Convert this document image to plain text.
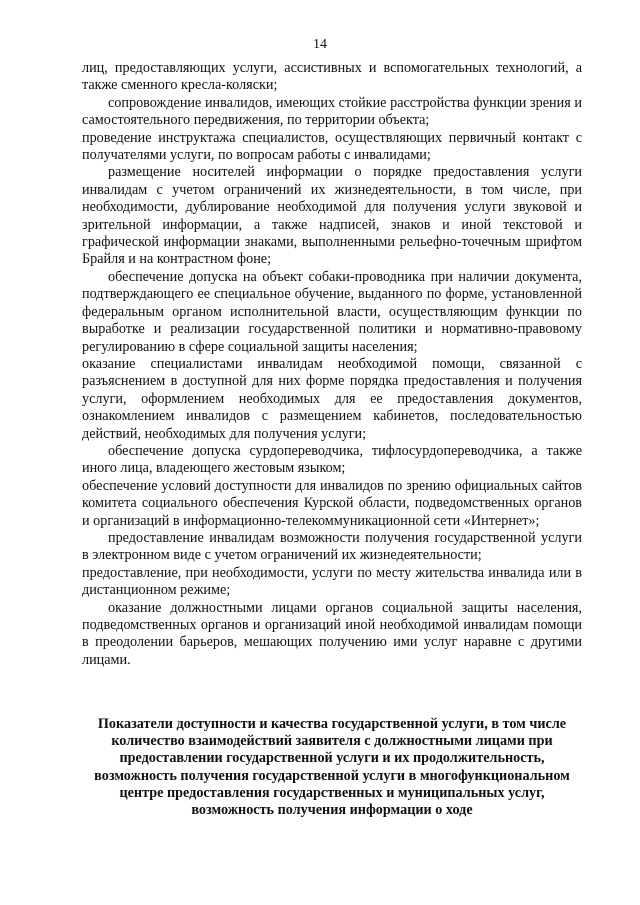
14

лиц, предоставляющих услуги, ассистивных и вспомогательных технологий, а также сменного кресла-коляски;

сопровождение инвалидов, имеющих стойкие расстройства функции зрения и самостоятельного передвижения, по территории объекта;

проведение инструктажа специалистов, осуществляющих первичный контакт с получателями услуги, по вопросам работы с инвалидами;

размещение носителей информации о порядке предоставления услуги инвалидам с учетом ограничений их жизнедеятельности, в том числе, при необходимости, дублирование необходимой для получения услуги звуковой и зрительной информации, а также надписей, знаков и иной текстовой и графической информации знаками, выполненными рельефно-точечным шрифтом Брайля и на контрастном фоне;

обеспечение допуска на объект собаки-проводника при наличии документа, подтверждающего ее специальное обучение, выданного по форме, установленной федеральным органом исполнительной власти, осуществляющим функции по выработке и реализации государственной политики и нормативно-правовому регулированию в сфере социальной защиты населения;

оказание специалистами инвалидам необходимой помощи, связанной с разъяснением в доступной для них форме порядка предоставления и получения услуги, оформлением необходимых для ее предоставления документов, ознакомлением инвалидов с размещением кабинетов, последовательностью действий, необходимых для получения услуги;

обеспечение допуска сурдопереводчика, тифлосурдопереводчика, а также иного лица, владеющего жестовым языком;

обеспечение условий доступности для инвалидов по зрению официальных сайтов комитета социального обеспечения Курской области, подведомственных органов и организаций в информационно-телекоммуникационной сети «Интернет»;

предоставление инвалидам возможности получения государственной услуги в электронном виде с учетом ограничений их жизнедеятельности;

предоставление, при необходимости, услуги по месту жительства инвалида или в дистанционном режиме;

оказание должностными лицами органов социальной защиты населения, подведомственных органов и организаций иной необходимой инвалидам помощи в преодолении барьеров, мешающих получению ими услуг наравне с другими лицами.

Показатели доступности и качества государственной услуги, в том числе количество взаимодействий заявителя с должностными лицами при предоставлении государственной услуги и их продолжительность, возможность получения государственной услуги в многофункциональном центре предоставления государственных и муниципальных услуг, возможность получения информации о ходе
